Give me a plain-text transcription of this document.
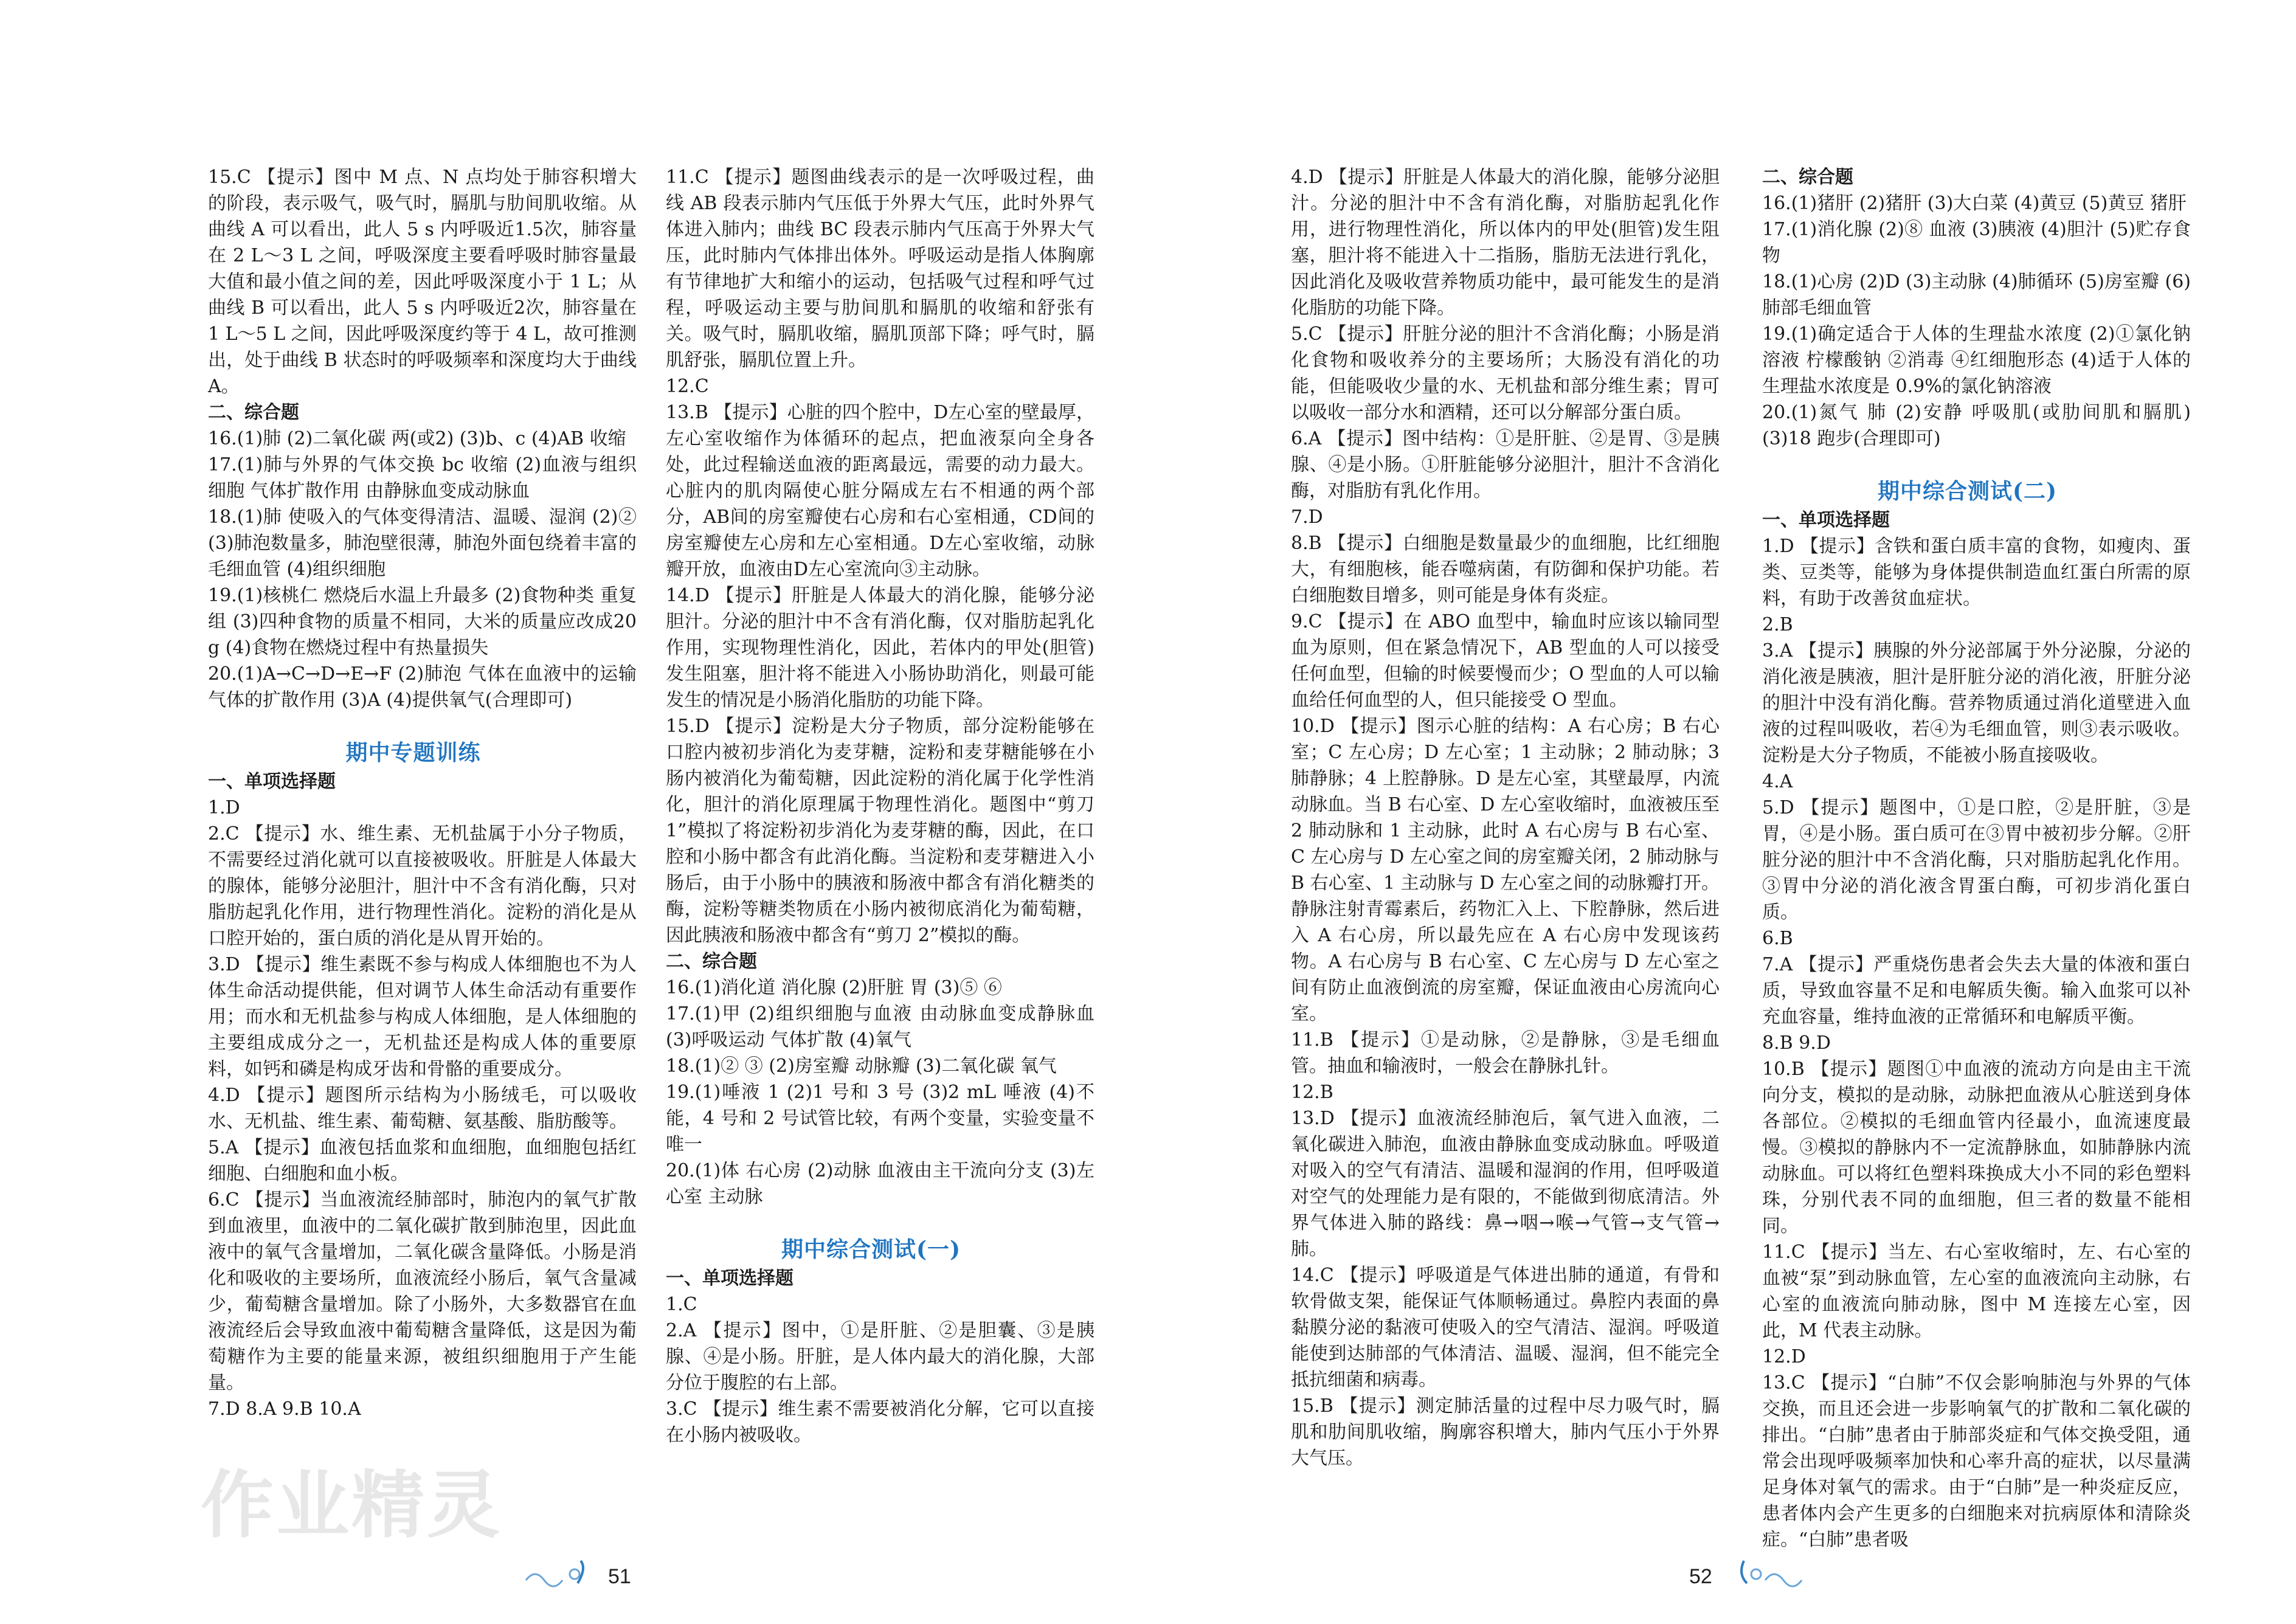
15.C 【提示】图中 M 点、N 点均处于肺容积增大的阶段，表示吸气，吸气时，膈肌与肋间肌收缩。从曲线 A 可以看出，此人 5 s 内呼吸近1.5次，肺容量在 2 L～3 L 之间，呼吸深度主要看呼吸时肺容量最大值和最小值之间的差，因此呼吸深度小于 1 L；从曲线 B 可以看出，此人 5 s 内呼吸近2次，肺容量在 1 L～5 L 之间，因此呼吸深度约等于 4 L，故可推测出，处于曲线 B 状态时的呼吸频率和深度均大于曲线 A。
二、综合题
16.(1)肺 (2)二氧化碳 两(或2) (3)b、c (4)AB 收缩
17.(1)肺与外界的气体交换 bc 收缩 (2)血液与组织细胞 气体扩散作用 由静脉血变成动脉血
18.(1)肺 使吸入的气体变得清洁、温暖、湿润 (2)② (3)肺泡数量多，肺泡壁很薄，肺泡外面包绕着丰富的毛细血管 (4)组织细胞
19.(1)核桃仁 燃烧后水温上升最多 (2)食物种类 重复组 (3)四种食物的质量不相同，大米的质量应改成20 g (4)食物在燃烧过程中有热量损失
20.(1)A→C→D→E→F (2)肺泡 气体在血液中的运输 气体的扩散作用 (3)A (4)提供氧气(合理即可)
期中专题训练
一、单项选择题
1.D
2.C 【提示】水、维生素、无机盐属于小分子物质，不需要经过消化就可以直接被吸收。肝脏是人体最大的腺体，能够分泌胆汁，胆汁中不含有消化酶，只对脂肪起乳化作用，进行物理性消化。淀粉的消化是从口腔开始的，蛋白质的消化是从胃开始的。
3.D 【提示】维生素既不参与构成人体细胞也不为人体生命活动提供能，但对调节人体生命活动有重要作用；而水和无机盐参与构成人体细胞，是人体细胞的主要组成成分之一，无机盐还是构成人体的重要原料，如钙和磷是构成牙齿和骨骼的重要成分。
4.D 【提示】题图所示结构为小肠绒毛，可以吸收水、无机盐、维生素、葡萄糖、氨基酸、脂肪酸等。
5.A 【提示】血液包括血浆和血细胞，血细胞包括红细胞、白细胞和血小板。
6.C 【提示】当血液流经肺部时，肺泡内的氧气扩散到血液里，血液中的二氧化碳扩散到肺泡里，因此血液中的氧气含量增加，二氧化碳含量降低。小肠是消化和吸收的主要场所，血液流经小肠后，氧气含量减少，葡萄糖含量增加。除了小肠外，大多数器官在血液流经后会导致血液中葡萄糖含量降低，这是因为葡萄糖作为主要的能量来源，被组织细胞用于产生能量。
7.D 8.A 9.B 10.A
11.C 【提示】题图曲线表示的是一次呼吸过程，曲线 AB 段表示肺内气压低于外界大气压，此时外界气体进入肺内；曲线 BC 段表示肺内气压高于外界大气压，此时肺内气体排出体外。呼吸运动是指人体胸廓有节律地扩大和缩小的运动，包括吸气过程和呼气过程，呼吸运动主要与肋间肌和膈肌的收缩和舒张有关。吸气时，膈肌收缩，膈肌顶部下降；呼气时，膈肌舒张，膈肌位置上升。
12.C
13.B 【提示】心脏的四个腔中，D左心室的壁最厚，左心室收缩作为体循环的起点，把血液泵向全身各处，此过程输送血液的距离最远，需要的动力最大。心脏内的肌肉隔使心脏分隔成左右不相通的两个部分，AB间的房室瓣使右心房和右心室相通，CD间的房室瓣使左心房和左心室相通。D左心室收缩，动脉瓣开放，血液由D左心室流向③主动脉。
14.D 【提示】肝脏是人体最大的消化腺，能够分泌胆汁。分泌的胆汁中不含有消化酶，仅对脂肪起乳化作用，实现物理性消化，因此，若体内的甲处(胆管)发生阻塞，胆汁将不能进入小肠协助消化，则最可能发生的情况是小肠消化脂肪的功能下降。
15.D 【提示】淀粉是大分子物质，部分淀粉能够在口腔内被初步消化为麦芽糖，淀粉和麦芽糖能够在小肠内被消化为葡萄糖，因此淀粉的消化属于化学性消化，胆汁的消化原理属于物理性消化。题图中“剪刀 1”模拟了将淀粉初步消化为麦芽糖的酶，因此，在口腔和小肠中都含有此消化酶。当淀粉和麦芽糖进入小肠后，由于小肠中的胰液和肠液中都含有消化糖类的酶，淀粉等糖类物质在小肠内被彻底消化为葡萄糖，因此胰液和肠液中都含有“剪刀 2”模拟的酶。
二、综合题
16.(1)消化道 消化腺 (2)肝脏 胃 (3)⑤ ⑥
17.(1)甲 (2)组织细胞与血液 由动脉血变成静脉血 (3)呼吸运动 气体扩散 (4)氧气
18.(1)② ③ (2)房室瓣 动脉瓣 (3)二氧化碳 氧气
19.(1)唾液 1 (2)1 号和 3 号 (3)2 mL 唾液 (4)不能，4 号和 2 号试管比较，有两个变量，实验变量不唯一
20.(1)体 右心房 (2)动脉 血液由主干流向分支 (3)左心室 主动脉
期中综合测试(一)
一、单项选择题
1.C
2.A 【提示】图中，①是肝脏、②是胆囊、③是胰腺、④是小肠。肝脏，是人体内最大的消化腺，大部分位于腹腔的右上部。
3.C 【提示】维生素不需要被消化分解，它可以直接在小肠内被吸收。
51
作业精灵
4.D 【提示】肝脏是人体最大的消化腺，能够分泌胆汁。分泌的胆汁中不含有消化酶，对脂肪起乳化作用，进行物理性消化，所以体内的甲处(胆管)发生阻塞，胆汁将不能进入十二指肠，脂肪无法进行乳化，因此消化及吸收营养物质功能中，最可能发生的是消化脂肪的功能下降。
5.C 【提示】肝脏分泌的胆汁不含消化酶；小肠是消化食物和吸收养分的主要场所；大肠没有消化的功能，但能吸收少量的水、无机盐和部分维生素；胃可以吸收一部分水和酒精，还可以分解部分蛋白质。
6.A 【提示】图中结构：①是肝脏、②是胃、③是胰腺、④是小肠。①肝脏能够分泌胆汁，胆汁不含消化酶，对脂肪有乳化作用。
7.D
8.B 【提示】白细胞是数量最少的血细胞，比红细胞大，有细胞核，能吞噬病菌，有防御和保护功能。若白细胞数目增多，则可能是身体有炎症。
9.C 【提示】在 ABO 血型中，输血时应该以输同型血为原则，但在紧急情况下，AB 型血的人可以接受任何血型，但输的时候要慢而少；O 型血的人可以输血给任何血型的人，但只能接受 O 型血。
10.D 【提示】图示心脏的结构：A 右心房；B 右心室；C 左心房；D 左心室；1 主动脉；2 肺动脉；3 肺静脉；4 上腔静脉。D 是左心室，其壁最厚，内流动脉血。当 B 右心室、D 左心室收缩时，血液被压至 2 肺动脉和 1 主动脉，此时 A 右心房与 B 右心室、C 左心房与 D 左心室之间的房室瓣关闭，2 肺动脉与 B 右心室、1 主动脉与 D 左心室之间的动脉瓣打开。静脉注射青霉素后，药物汇入上、下腔静脉，然后进入 A 右心房，所以最先应在 A 右心房中发现该药物。A 右心房与 B 右心室、C 左心房与 D 左心室之间有防止血液倒流的房室瓣，保证血液由心房流向心室。
11.B 【提示】①是动脉，②是静脉，③是毛细血管。抽血和输液时，一般会在静脉扎针。
12.B
13.D 【提示】血液流经肺泡后，氧气进入血液，二氧化碳进入肺泡，血液由静脉血变成动脉血。呼吸道对吸入的空气有清洁、温暖和湿润的作用，但呼吸道对空气的处理能力是有限的，不能做到彻底清洁。外界气体进入肺的路线：鼻→咽→喉→气管→支气管→肺。
14.C 【提示】呼吸道是气体进出肺的通道，有骨和软骨做支架，能保证气体顺畅通过。鼻腔内表面的鼻黏膜分泌的黏液可使吸入的空气清洁、湿润。呼吸道能使到达肺部的气体清洁、温暖、湿润，但不能完全抵抗细菌和病毒。
15.B 【提示】测定肺活量的过程中尽力吸气时，膈肌和肋间肌收缩，胸廓容积增大，肺内气压小于外界大气压。
二、综合题
16.(1)猪肝 (2)猪肝 (3)大白菜 (4)黄豆 (5)黄豆 猪肝
17.(1)消化腺 (2)⑧ 血液 (3)胰液 (4)胆汁 (5)贮存食物
18.(1)心房 (2)D (3)主动脉 (4)肺循环 (5)房室瓣 (6)肺部毛细血管
19.(1)确定适合于人体的生理盐水浓度 (2)①氯化钠溶液 柠檬酸钠 ②消毒 ④红细胞形态 (4)适于人体的生理盐水浓度是 0.9%的氯化钠溶液
20.(1)氮气 肺 (2)安静 呼吸肌(或肋间肌和膈肌) (3)18 跑步(合理即可)
期中综合测试(二)
一、单项选择题
1.D 【提示】含铁和蛋白质丰富的食物，如瘦肉、蛋类、豆类等，能够为身体提供制造血红蛋白所需的原料，有助于改善贫血症状。
2.B
3.A 【提示】胰腺的外分泌部属于外分泌腺，分泌的消化液是胰液，胆汁是肝脏分泌的消化液，肝脏分泌的胆汁中没有消化酶。营养物质通过消化道壁进入血液的过程叫吸收，若④为毛细血管，则③表示吸收。淀粉是大分子物质，不能被小肠直接吸收。
4.A
5.D 【提示】题图中，①是口腔，②是肝脏，③是胃，④是小肠。蛋白质可在③胃中被初步分解。②肝脏分泌的胆汁中不含消化酶，只对脂肪起乳化作用。③胃中分泌的消化液含胃蛋白酶，可初步消化蛋白质。
6.B
7.A 【提示】严重烧伤患者会失去大量的体液和蛋白质，导致血容量不足和电解质失衡。输入血浆可以补充血容量，维持血液的正常循环和电解质平衡。
8.B 9.D
10.B 【提示】题图①中血液的流动方向是由主干流向分支，模拟的是动脉，动脉把血液从心脏送到身体各部位。②模拟的毛细血管内径最小，血流速度最慢。③模拟的静脉内不一定流静脉血，如肺静脉内流动脉血。可以将红色塑料珠换成大小不同的彩色塑料珠，分别代表不同的血细胞，但三者的数量不能相同。
11.C 【提示】当左、右心室收缩时，左、右心室的血被“泵”到动脉血管，左心室的血液流向主动脉，右心室的血液流向肺动脉，图中 M 连接左心室，因此，M 代表主动脉。
12.D
13.C 【提示】“白肺”不仅会影响肺泡与外界的气体交换，而且还会进一步影响氧气的扩散和二氧化碳的排出。“白肺”患者由于肺部炎症和气体交换受阻，通常会出现呼吸频率加快和心率升高的症状，以尽量满足身体对氧气的需求。由于“白肺”是一种炎症反应，患者体内会产生更多的白细胞来对抗病原体和清除炎症。“白肺”患者吸
52
